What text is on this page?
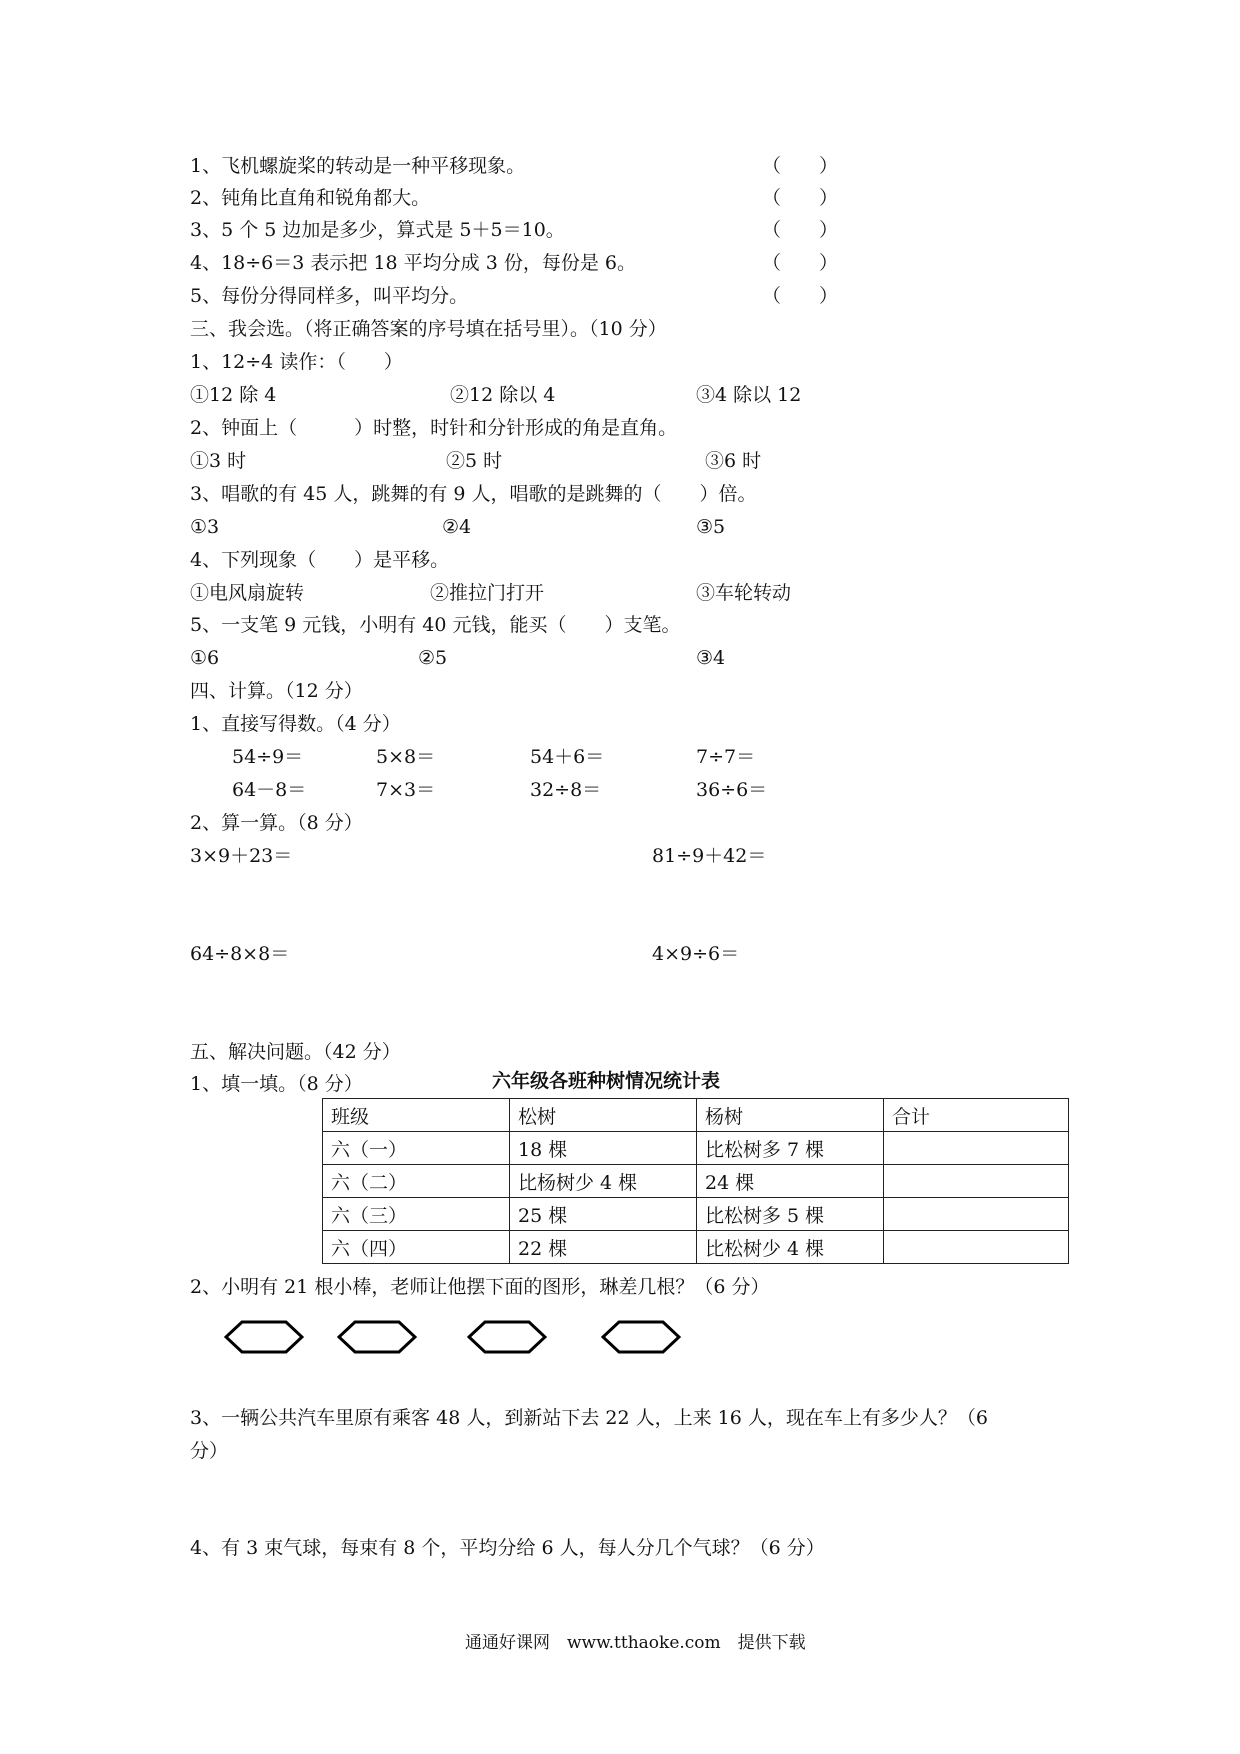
1、飞机螺旋桨的转动是一种平移现象。	（　　）
2、钝角比直角和锐角都大。	（　　）
3、5 个 5 边加是多少，算式是 5＋5＝10。	（　　）
4、18÷6＝3 表示把 18 平均分成 3 份，每份是 6。	（　　）
5、每份分得同样多，叫平均分。	（　　）
三、我会选。（将正确答案的序号填在括号里）。（10 分）
1、12÷4 读作：（　　）
①12 除 4	②12 除以 4	③4 除以 12
2、钟面上（　　　）时整，时针和分针形成的角是直角。
①3 时	②5 时	③6 时
3、唱歌的有 45 人，跳舞的有 9 人，唱歌的是跳舞的（　　）倍。
①3	②4	③5
4、下列现象（　　）是平移。
①电风扇旋转	②推拉门打开	③车轮转动
5、一支笔 9 元钱，小明有 40 元钱，能买（　　）支笔。
①6	②5	③4
四、计算。（12 分）
1、直接写得数。（4 分）
54÷9＝	5×8＝	54＋6＝	7÷7＝
64－8＝	7×3＝	32÷8＝	36÷6＝
2、算一算。（8 分）
3×9＋23＝	81÷9＋42＝
64÷8×8＝	4×9÷6＝
五、解决问题。（42 分）
1、填一填。（8 分）	六年级各班种树情况统计表
班级	松树	杨树	合计
六（一）	18 棵	比松树多 7 棵	
六（二）	比杨树少 4 棵	24 棵	
六（三）	25 棵	比松树多 5 棵	
六（四）	22 棵	比松树少 4 棵	
2、小明有 21 根小棒，老师让他摆下面的图形，琳差几根？（6 分）
3、一辆公共汽车里原有乘客 48 人，到新站下去 22 人，上来 16 人，现在车上有多少人？（6
分）
4、有 3 束气球，每束有 8 个，平均分给 6 人，每人分几个气球？（6 分）
通通好课网　www.tthaoke.com　提供下载
